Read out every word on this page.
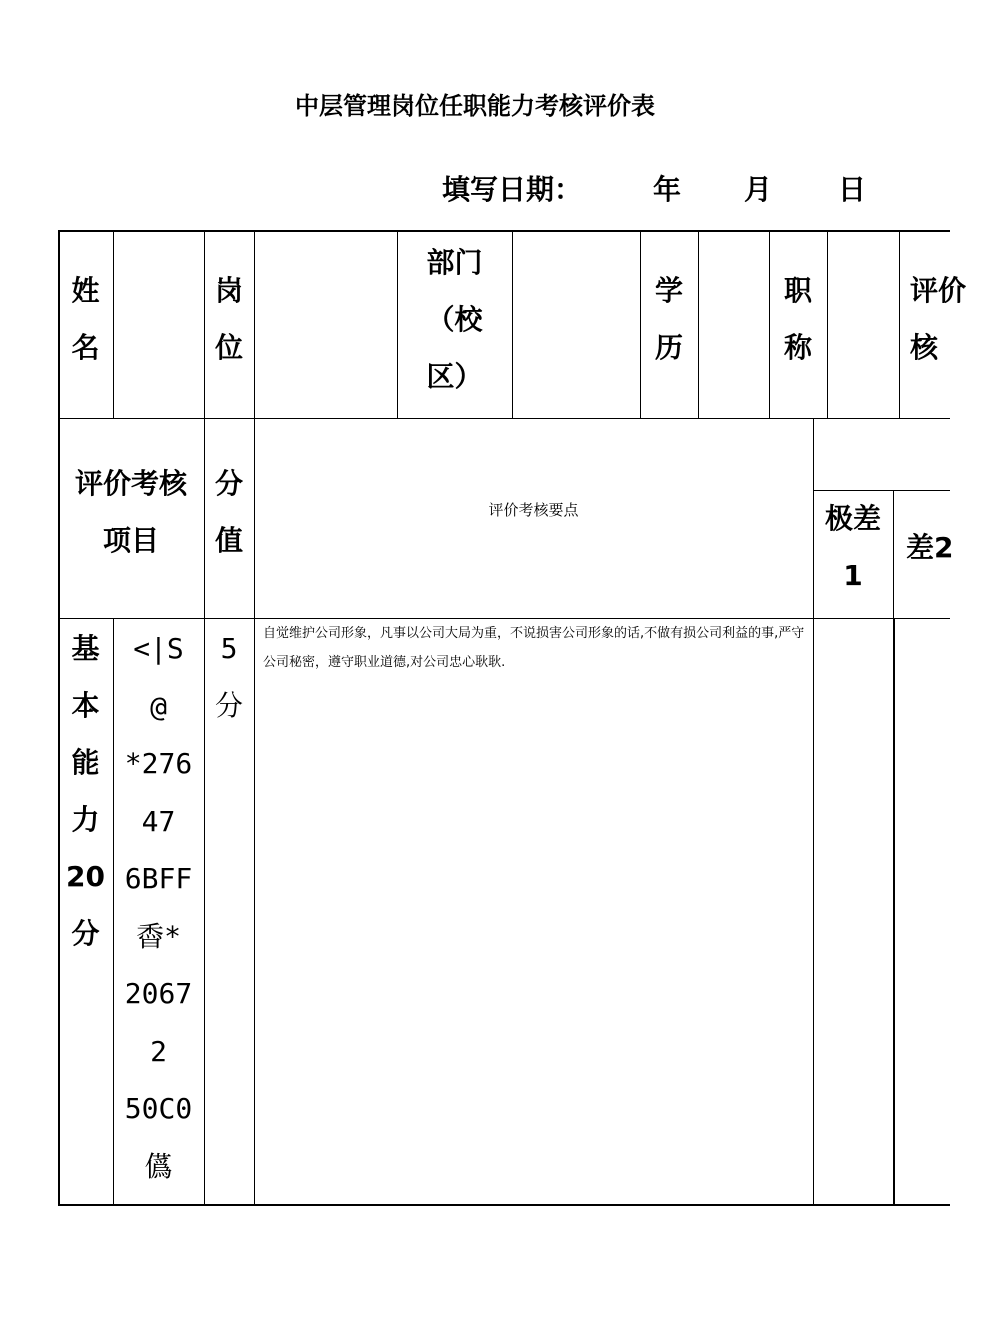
中层管理岗位任职能力考核评价表
填写日期：	年 月 日
姓
名
岗
位
部门
（校
区）
学
历
职
称
评价
核
评价考核
项目
分
值
评价考核要点	极差
1
差2
基
本
能
力
20
分
<|S
@
*276
47
6BFF
稥*
2067
2
50C0
儰
5
分
自觉维护公司形象，凡事以公司大局为重，不说损害公司形象的话,不做有损公司利益的事,严守公司秘密，遵守职业道德,对公司忠心耿耿.
